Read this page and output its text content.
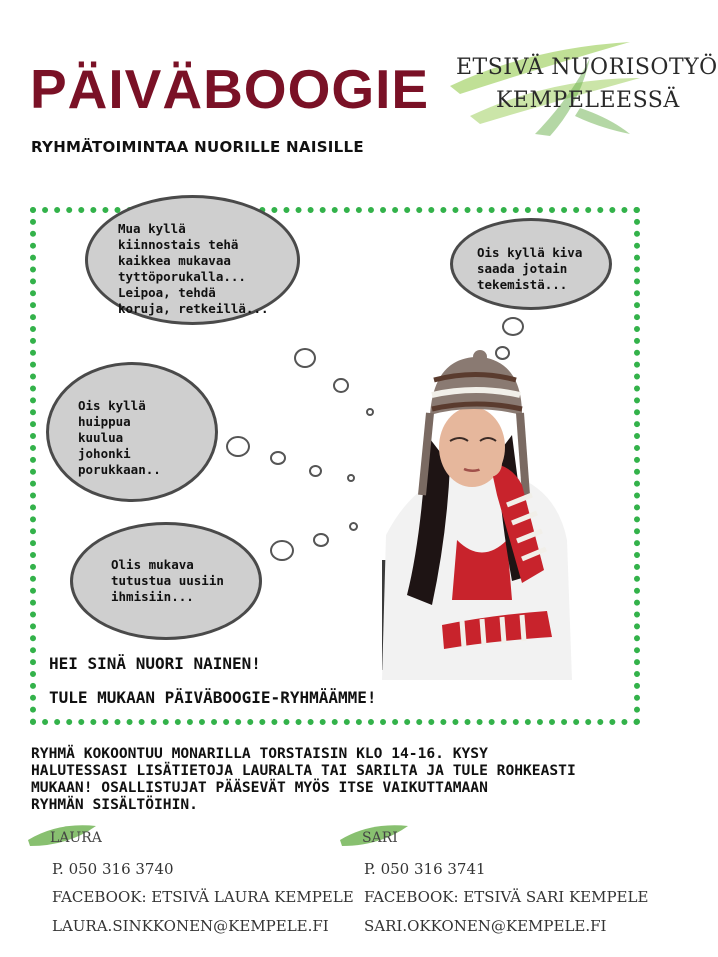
PÄIVÄBOOGIE
RYHMÄTOIMINTAA NUORILLE NAISILLE
ETSIVÄ NUORISOTYÖ
KEMPELEESSÄ
Mua kyllä
kiinnostais tehä
kaikkea mukavaa
tyttöporukalla...
Leipoa, tehdä
koruja, retkeillä...
Ois kyllä kiva
saada jotain
tekemistä...
Ois kyllä
huippua
kuulua
johonki
porukkaan..
Olis mukava
tutustua uusiin
ihmisiin...
HEI SINÄ NUORI NAINEN!
TULE MUKAAN PÄIVÄBOOGIE-RYHMÄÄMME!
RYHMÄ KOKOONTUU MONARILLA TORSTAISIN KLO 14-16. KYSY
HALUTESSASI LISÄTIETOJA LAURALTA TAI SARILTA JA TULE ROHKEASTI
MUKAAN! OSALLISTUJAT PÄÄSEVÄT MYÖS ITSE VAIKUTTAMAAN
RYHMÄN SISÄLTÖIHIN.
LAURA
P. 050 316 3740
FACEBOOK: ETSIVÄ LAURA KEMPELE
LAURA.SINKKONEN@KEMPELE.FI
SARI
P. 050 316 3741
FACEBOOK: ETSIVÄ SARI KEMPELE
SARI.OKKONEN@KEMPELE.FI
